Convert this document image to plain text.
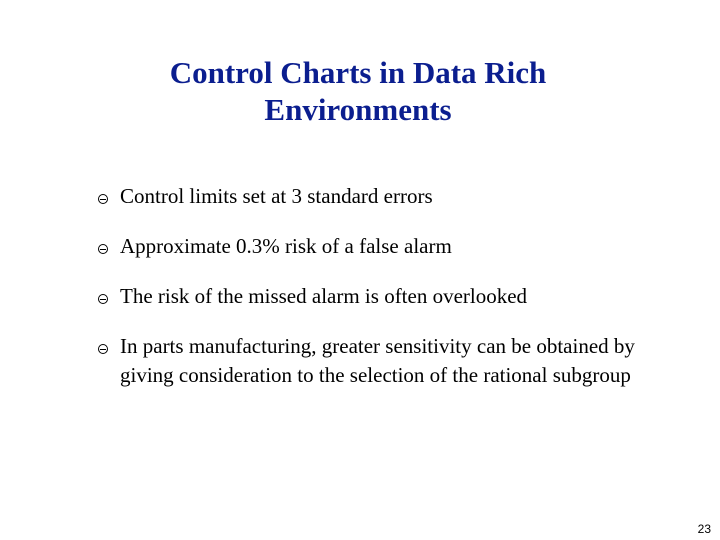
Control Charts in Data Rich
Environments
Control limits set at 3 standard errors
Approximate 0.3% risk of a false alarm
The risk of the missed alarm is often overlooked
In parts manufacturing, greater sensitivity can be obtained by giving consideration to the selection of the rational subgroup
23
